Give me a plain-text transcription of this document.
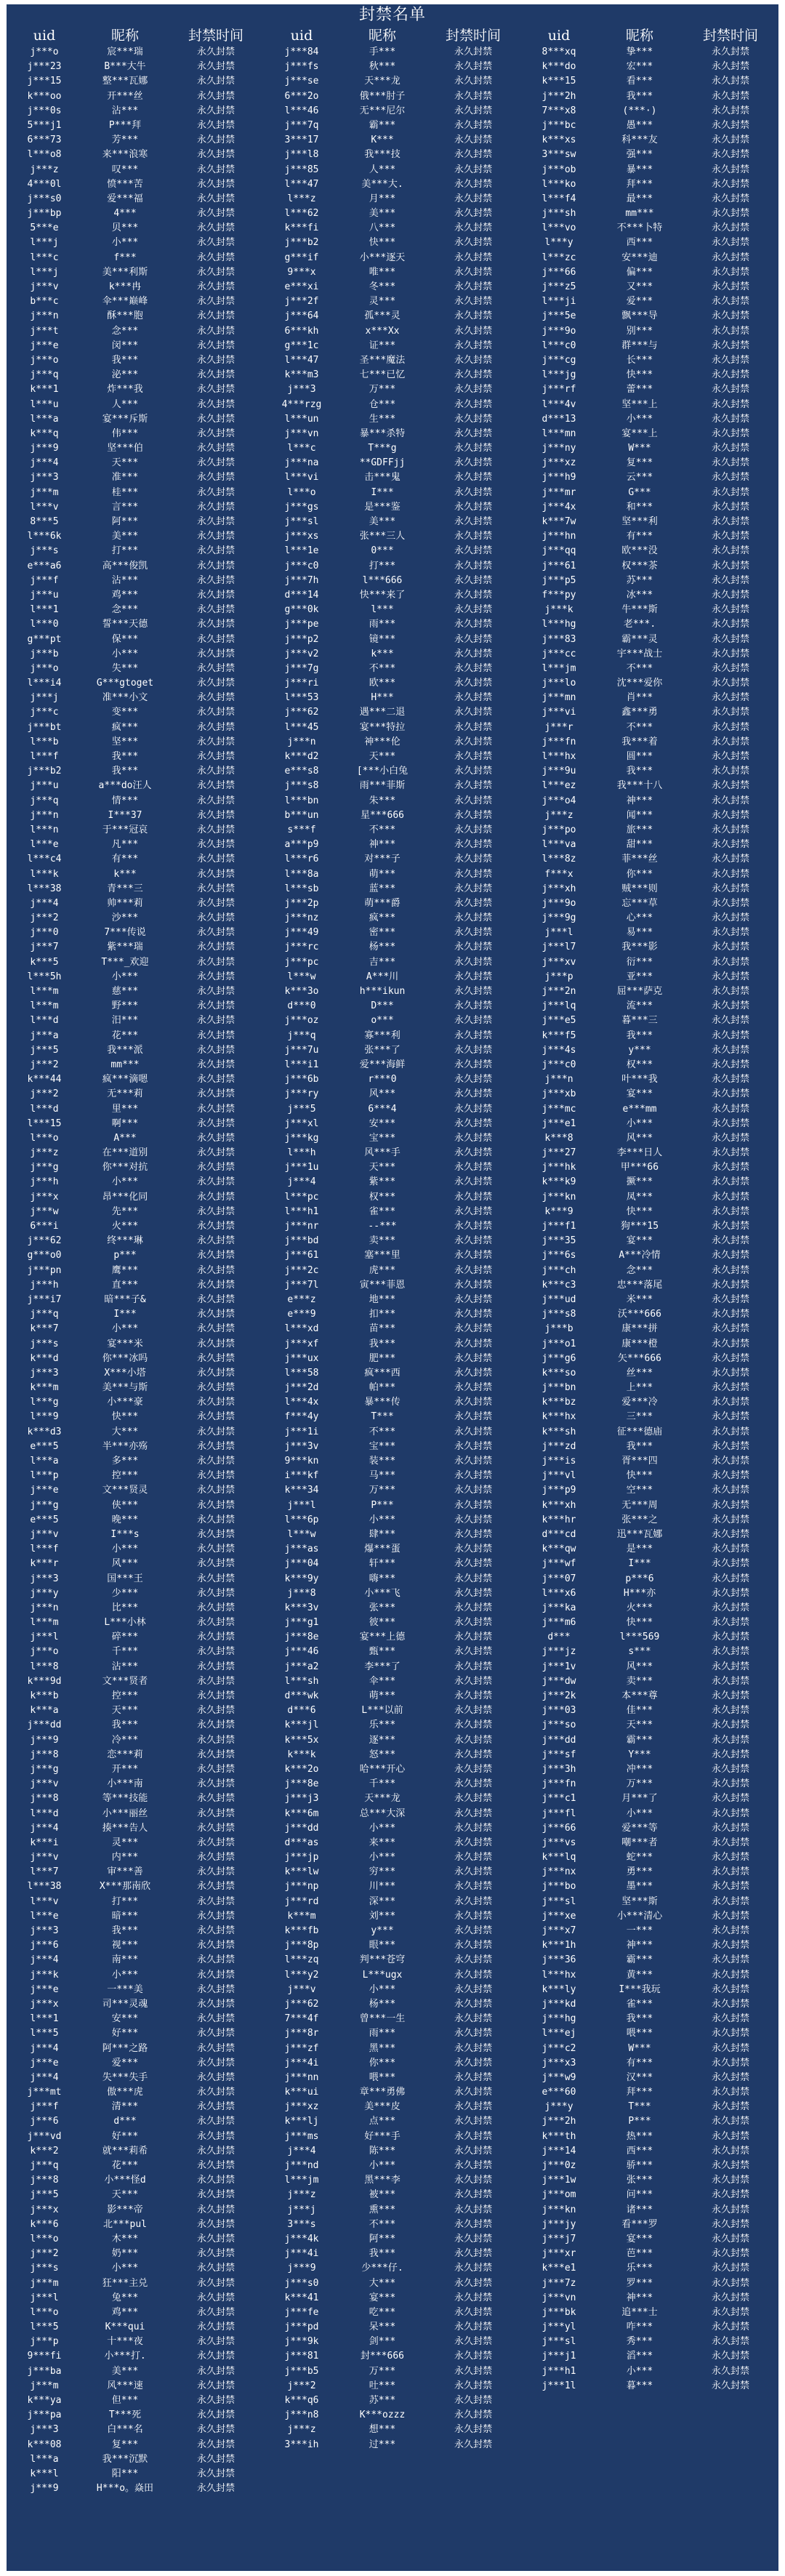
封禁名单
uid	昵称	封禁时间
j***o	宸***瑞	永久封禁
j***23	B***大牛	永久封禁
j***15	整***瓦娜	永久封禁
k***oo	开***丝	永久封禁
j***0s	沾***	永久封禁
5***j1	P***拜	永久封禁
6***73	芳***	永久封禁
l***o8	来***浪寒	永久封禁
j***z	叹***	永久封禁
4***0l	愤***苦	永久封禁
j***s0	爱***福	永久封禁
j***bp	4***	永久封禁
5***e	贝***	永久封禁
l***j	小***	永久封禁
l***c	f***	永久封禁
l***j	美***利斯	永久封禁
j***v	k***冉	永久封禁
b***c	伞***巅峰	永久封禁
j***n	酥***胞	永久封禁
j***t	念***	永久封禁
j***e	闵***	永久封禁
j***o	我***	永久封禁
j***q	泌***	永久封禁
k***1	炸***我	永久封禁
l***u	人***	永久封禁
l***a	宴***斥斯	永久封禁
k***q	伟***	永久封禁
j***9	坚***伯	永久封禁
j***4	天***	永久封禁
j***3	准***	永久封禁
j***m	桂***	永久封禁
l***v	言***	永久封禁
8***5	阿***	永久封禁
l***6k	美***	永久封禁
j***s	打***	永久封禁
e***a6	高***俊凯	永久封禁
j***f	沾***	永久封禁
j***u	鸡***	永久封禁
l***1	念***	永久封禁
l***0	誓***天德	永久封禁
g***pt	保***	永久封禁
j***b	小***	永久封禁
j***o	失***	永久封禁
l***i4	G***gtoget	永久封禁
j***j	准***小文	永久封禁
j***c	变***	永久封禁
j***bt	疯***	永久封禁
l***b	坚***	永久封禁
l***f	我***	永久封禁
j***b2	我***	永久封禁
j***u	a***do汪人	永久封禁
j***q	情***	永久封禁
j***n	I***37	永久封禁
l***n	于***冠哀	永久封禁
l***e	凡***	永久封禁
l***c4	有***	永久封禁
l***k	k***	永久封禁
l***38	青***三	永久封禁
j***4	帅***莉	永久封禁
j***2	沙***	永久封禁
j***0	7***传说	永久封禁
j***7	紫***瑞	永久封禁
k***5	T***_欢迎	永久封禁
l***5h	小***	永久封禁
l***m	慈***	永久封禁
l***m	野***	永久封禁
l***d	汨***	永久封禁
j***a	花***	永久封禁
j***5	我***派	永久封禁
j***2	mm***	永久封禁
k***44	疯***滴嗯	永久封禁
j***2	无***莉	永久封禁
l***d	里***	永久封禁
l***15	啊***	永久封禁
l***o	A***	永久封禁
j***z	在***道别	永久封禁
j***g	你***对抗	永久封禁
j***h	小***	永久封禁
j***x	昂***化同	永久封禁
j***w	先***	永久封禁
6***i	火***	永久封禁
j***62	终***琳	永久封禁
g***o0	p***	永久封禁
j***pn	鹰***	永久封禁
j***h	直***	永久封禁
j***i7	暗***子&	永久封禁
j***q	I***	永久封禁
k***7	小***	永久封禁
j***s	宴***米	永久封禁
k***d	你***冰吗	永久封禁
j***3	X***小塔	永久封禁
k***m	美***与斯	永久封禁
l***g	小***豪	永久封禁
l***9	快***	永久封禁
k***d3	大***	永久封禁
e***5	半***亦殇	永久封禁
l***a	多***	永久封禁
l***p	控***	永久封禁
j***e	文***贤灵	永久封禁
j***g	侠***	永久封禁
e***5	晚***	永久封禁
j***v	I***s	永久封禁
l***f	小***	永久封禁
k***r	风***	永久封禁
j***3	国***王	永久封禁
j***y	少***	永久封禁
j***n	比***	永久封禁
l***m	L***小林	永久封禁
j***l	碎***	永久封禁
j***o	千***	永久封禁
l***8	沾***	永久封禁
k***9d	文***贤者	永久封禁
k***b	控***	永久封禁
k***a	天***	永久封禁
j***dd	我***	永久封禁
j***9	冷***	永久封禁
j***8	恋***莉	永久封禁
j***g	开***	永久封禁
j***v	小***南	永久封禁
j***8	等***技能	永久封禁
l***d	小***丽丝	永久封禁
j***4	揍***告人	永久封禁
k***i	灵***	永久封禁
j***v	内***	永久封禁
l***7	审***善	永久封禁
l***38	X***那南欣	永久封禁
l***v	打***	永久封禁
l***e	暗***	永久封禁
j***3	我***	永久封禁
j***6	视***	永久封禁
j***4	南***	永久封禁
j***k	小***	永久封禁
j***e	一***美	永久封禁
j***x	司***灵魂	永久封禁
l***1	安***	永久封禁
l***5	好***	永久封禁
j***4	阿***之路	永久封禁
j***e	爱***	永久封禁
j***4	失***失手	永久封禁
j***mt	傲***虎	永久封禁
j***f	清***	永久封禁
j***6	d***	永久封禁
j***vd	好***	永久封禁
k***2	就***莉希	永久封禁
j***q	花***	永久封禁
j***8	小***怪d	永久封禁
j***5	天***	永久封禁
j***x	影***帝	永久封禁
k***6	北***pul	永久封禁
l***o	木***	永久封禁
j***2	奶***	永久封禁
j***s	小***	永久封禁
j***m	狂***主兑	永久封禁
j***l	兔***	永久封禁
l***o	鸡***	永久封禁
l***5	K***qui	永久封禁
j***p	十***夜	永久封禁
9***fi	小***打.	永久封禁
j***ba	美***	永久封禁
j***m	风***速	永久封禁
k***ya	但***	永久封禁
j***pa	T***死	永久封禁
j***3	白***名	永久封禁
k***08	复***	永久封禁
l***a	我***沉默	永久封禁
k***l	阳***	永久封禁
j***9	H***o。焱田	永久封禁
uid	昵称	封禁时间
j***84	手***	永久封禁
j***fs	秋***	永久封禁
j***se	天***龙	永久封禁
6***2o	俄***肘子	永久封禁
l***46	无***尼尔	永久封禁
j***7q	霸***	永久封禁
3***17	K***	永久封禁
j***l8	我***技	永久封禁
j***85	人***	永久封禁
l***47	美***大.	永久封禁
l***z	月***	永久封禁
l***62	美***	永久封禁
k***fi	八***	永久封禁
j***b2	快***	永久封禁
g***if	小***逐天	永久封禁
9***x	唯***	永久封禁
e***xi	冬***	永久封禁
j***2f	灵***	永久封禁
j***64	孤***灵	永久封禁
6***kh	x***Xx	永久封禁
g***1c	证***	永久封禁
l***47	圣***魔法	永久封禁
k***m3	七***已忆	永久封禁
j***3	万***	永久封禁
4***rzg	仓***	永久封禁
l***un	生***	永久封禁
j***vn	暴***杀特	永久封禁
l***c	T***g	永久封禁
j***na	**GDFFjj	永久封禁
l***vi	击***鬼	永久封禁
l***o	I***	永久封禁
j***gs	是***鉴	永久封禁
j***sl	美***	永久封禁
j***xs	张***三人	永久封禁
l***1e	0***	永久封禁
j***c0	打***	永久封禁
j***7h	l***666	永久封禁
d***14	快***来了	永久封禁
g***0k	l***	永久封禁
j***pe	雨***	永久封禁
j***p2	镜***	永久封禁
j***v2	k***	永久封禁
j***7g	不***	永久封禁
j***ri	欧***	永久封禁
l***53	H***	永久封禁
j***62	遇***二退	永久封禁
l***45	宴***特拉	永久封禁
j***n	神***伦	永久封禁
k***d2	天***	永久封禁
e***s8	[***小白兔	永久封禁
j***s8	雨***菲斯	永久封禁
l***bn	朱***	永久封禁
b***un	星***666	永久封禁
s***f	不***	永久封禁
a***p9	神***	永久封禁
l***r6	对***子	永久封禁
l***8a	萌***	永久封禁
l***sb	蓝***	永久封禁
j***2p	萌***爵	永久封禁
j***nz	疯***	永久封禁
j***49	密***	永久封禁
j***rc	杨***	永久封禁
j***pc	吉***	永久封禁
l***w	A***川	永久封禁
k***3o	h***ikun	永久封禁
d***0	D***	永久封禁
j***oz	o***	永久封禁
j***q	寡***利	永久封禁
j***7u	张***了	永久封禁
l***i1	爱***海鲜	永久封禁
j***6b	r***0	永久封禁
j***ry	风***	永久封禁
j***5	6***4	永久封禁
j***xl	安***	永久封禁
j***kg	宝***	永久封禁
l***h	风***手	永久封禁
j***1u	天***	永久封禁
j***4	紫***	永久封禁
l***pc	权***	永久封禁
l***h1	雀***	永久封禁
j***nr	--***	永久封禁
j***bd	卖***	永久封禁
j***61	塞***里	永久封禁
j***2c	虎***	永久封禁
j***7l	寅***菲恩	永久封禁
e***z	地***	永久封禁
e***9	扣***	永久封禁
l***xd	苗***	永久封禁
j***xf	我***	永久封禁
j***ux	肥***	永久封禁
l***58	疯***西	永久封禁
j***2d	帕***	永久封禁
l***4x	暴***传	永久封禁
f***4y	T***	永久封禁
j***1i	不***	永久封禁
j***3v	宝***	永久封禁
9***kn	装***	永久封禁
i***kf	马***	永久封禁
k***34	万***	永久封禁
j***l	P***	永久封禁
l***6p	小***	永久封禁
l***w	肆***	永久封禁
j***as	爆***蛋	永久封禁
j***04	轩***	永久封禁
k***9y	嗨***	永久封禁
j***8	小***飞	永久封禁
k***3v	张***	永久封禁
j***g1	彼***	永久封禁
j***8e	宴***上德	永久封禁
j***46	甄***	永久封禁
j***a2	李***了	永久封禁
l***sh	伞***	永久封禁
d***wk	萌***	永久封禁
d***6	L***以前	永久封禁
k***jl	乐***	永久封禁
k***5x	逐***	永久封禁
k***k	怒***	永久封禁
k***2o	哈***开心	永久封禁
j***8e	千***	永久封禁
j***j3	天***龙	永久封禁
k***6m	总***大深	永久封禁
j***dd	小***	永久封禁
d***as	来***	永久封禁
j***jp	小***	永久封禁
k***lw	穷***	永久封禁
j***np	川***	永久封禁
j***rd	深***	永久封禁
k***m	刘***	永久封禁
k***fb	y***	永久封禁
j***8p	眼***	永久封禁
l***zq	判***苍穹	永久封禁
l***y2	L***ugx	永久封禁
j***v	小***	永久封禁
j***62	杨***	永久封禁
7***4f	曾***一生	永久封禁
j***8r	雨***	永久封禁
j***zf	黑***	永久封禁
j***4i	你***	永久封禁
j***nn	喂***	永久封禁
k***ui	章***勇佛	永久封禁
j***xz	美***皮	永久封禁
k***lj	点***	永久封禁
j***ms	好***手	永久封禁
j***4	陈***	永久封禁
j***nd	小***	永久封禁
l***jm	黑***李	永久封禁
j***z	被***	永久封禁
j***j	熏***	永久封禁
3***s	不***	永久封禁
j***4k	阿***	永久封禁
j***4i	我***	永久封禁
j***9	少***仔.	永久封禁
j***s0	大***	永久封禁
k***41	宴***	永久封禁
j***fe	吃***	永久封禁
j***pd	呆***	永久封禁
j***9k	剑***	永久封禁
j***81	封***666	永久封禁
j***b5	万***	永久封禁
j***2	吐***	永久封禁
k***q6	苏***	永久封禁
j***n8	K***ozzz	永久封禁
j***z	想***	永久封禁
3***ih	过***	永久封禁
uid	昵称	封禁时间
8***xq	挚***	永久封禁
k***do	宏***	永久封禁
k***15	看***	永久封禁
j***2h	我***	永久封禁
7***x8	(***·)	永久封禁
j***bc	愚***	永久封禁
k***xs	科***友	永久封禁
3***sw	强***	永久封禁
j***ob	暴***	永久封禁
l***ko	拜***	永久封禁
l***f4	最***	永久封禁
j***sh	mm***	永久封禁
l***vo	不***卜特	永久封禁
l***y	西***	永久封禁
l***zc	安***迪	永久封禁
j***66	偏***	永久封禁
j***z5	又***	永久封禁
l***ji	爱***	永久封禁
j***5e	飘***导	永久封禁
j***9o	别***	永久封禁
l***c0	群***与	永久封禁
j***cg	长***	永久封禁
l***jg	快***	永久封禁
j***rf	蕾***	永久封禁
l***4v	坚***上	永久封禁
d***13	小***	永久封禁
l***mn	宴***上	永久封禁
j***ny	W***	永久封禁
j***xz	复***	永久封禁
j***h9	云***	永久封禁
j***mr	G***	永久封禁
j***4x	和***	永久封禁
k***7w	坚***利	永久封禁
j***hn	有***	永久封禁
j***qq	欧***没	永久封禁
j***61	权***茶	永久封禁
j***p5	苏***	永久封禁
f***py	冰***	永久封禁
j***k	牛***斯	永久封禁
l***hg	老***.	永久封禁
j***83	霸***灵	永久封禁
j***cc	宇***战士	永久封禁
l***jm	不***	永久封禁
j***lo	沈***爱你	永久封禁
j***mn	肖***	永久封禁
j***vi	鑫***勇	永久封禁
j***r	不***	永久封禁
j***fn	我***着	永久封禁
l***hx	圆***	永久封禁
j***9u	我***	永久封禁
l***ez	我***十八	永久封禁
j***o4	神***	永久封禁
j***z	闻***	永久封禁
j***po	旅***	永久封禁
l***va	甜***	永久封禁
l***8z	菲***丝	永久封禁
f***x	你***	永久封禁
j***xh	贼***则	永久封禁
j***9o	忘***草	永久封禁
j***9g	心***	永久封禁
j***l	易***	永久封禁
j***l7	我***影	永久封禁
j***xv	衍***	永久封禁
j***p	亚***	永久封禁
j***2n	屈***萨克	永久封禁
j***lq	流***	永久封禁
j***e5	暮***三	永久封禁
k***f5	我***	永久封禁
j***4s	y***	永久封禁
j***c0	权***	永久封禁
j***n	叶***我	永久封禁
j***xb	宴***	永久封禁
j***mc	e***mm	永久封禁
j***e1	小***	永久封禁
k***8	风***	永久封禁
j***27	李***日人	永久封禁
j***hk	甲***66	永久封禁
k***k9	撅***	永久封禁
j***kn	凤***	永久封禁
k***9	快***	永久封禁
j***f1	狗***15	永久封禁
j***35	宴***	永久封禁
j***6s	A***冷情	永久封禁
j***ch	念***	永久封禁
k***c3	忠***落尾	永久封禁
j***ud	米***	永久封禁
j***s8	沃***666	永久封禁
j***b	康***拼	永久封禁
j***o1	康***橙	永久封禁
j***g6	矢***666	永久封禁
k***so	丝***	永久封禁
j***bn	上***	永久封禁
k***bz	爱***冷	永久封禁
k***hx	三***	永久封禁
k***sh	征***德庙	永久封禁
j***zd	我***	永久封禁
j***is	胥***四	永久封禁
j***vl	快***	永久封禁
j***p9	空***	永久封禁
k***xh	无***周	永久封禁
k***hr	张***之	永久封禁
d***cd	迅***瓦娜	永久封禁
k***qw	是***	永久封禁
j***wf	I***	永久封禁
j***07	p***6	永久封禁
l***x6	H***亦	永久封禁
j***ka	火***	永久封禁
j***m6	快***	永久封禁
d***	l***569	永久封禁
j***jz	s***	永久封禁
j***1v	风***	永久封禁
j***dw	卖***	永久封禁
j***2k	本***尊	永久封禁
j***03	佳***	永久封禁
j***so	天***	永久封禁
j***dd	霸***	永久封禁
j***sf	Y***	永久封禁
j***3h	冲***	永久封禁
j***fn	万***	永久封禁
j***c1	月***了	永久封禁
j***fl	小***	永久封禁
j***66	爱***等	永久封禁
j***vs	嘲***者	永久封禁
k***lq	蛇***	永久封禁
j***nx	勇***	永久封禁
j***bo	墨***	永久封禁
j***sl	坚***斯	永久封禁
j***xe	小***清心	永久封禁
j***x7	一***	永久封禁
k***1h	神***	永久封禁
j***36	霸***	永久封禁
l***hx	黄***	永久封禁
k***ly	I***我玩	永久封禁
j***kd	雀***	永久封禁
j***hg	我***	永久封禁
l***ej	喂***	永久封禁
j***c2	W***	永久封禁
j***x3	有***	永久封禁
j***w9	汉***	永久封禁
e***60	拜***	永久封禁
j***y	T***	永久封禁
j***2h	P***	永久封禁
k***th	热***	永久封禁
j***14	西***	永久封禁
j***0z	骄***	永久封禁
j***1w	张***	永久封禁
j***om	问***	永久封禁
j***kn	诸***	永久封禁
j***jy	看***罗	永久封禁
j***j7	宴***	永久封禁
j***xr	芭***	永久封禁
k***e1	乐***	永久封禁
j***7z	罗***	永久封禁
j***vn	神***	永久封禁
j***bk	追***士	永久封禁
j***yl	咋***	永久封禁
j***sl	秀***	永久封禁
j***j1	滔***	永久封禁
j***h1	小***	永久封禁
j***1l	暮***	永久封禁
